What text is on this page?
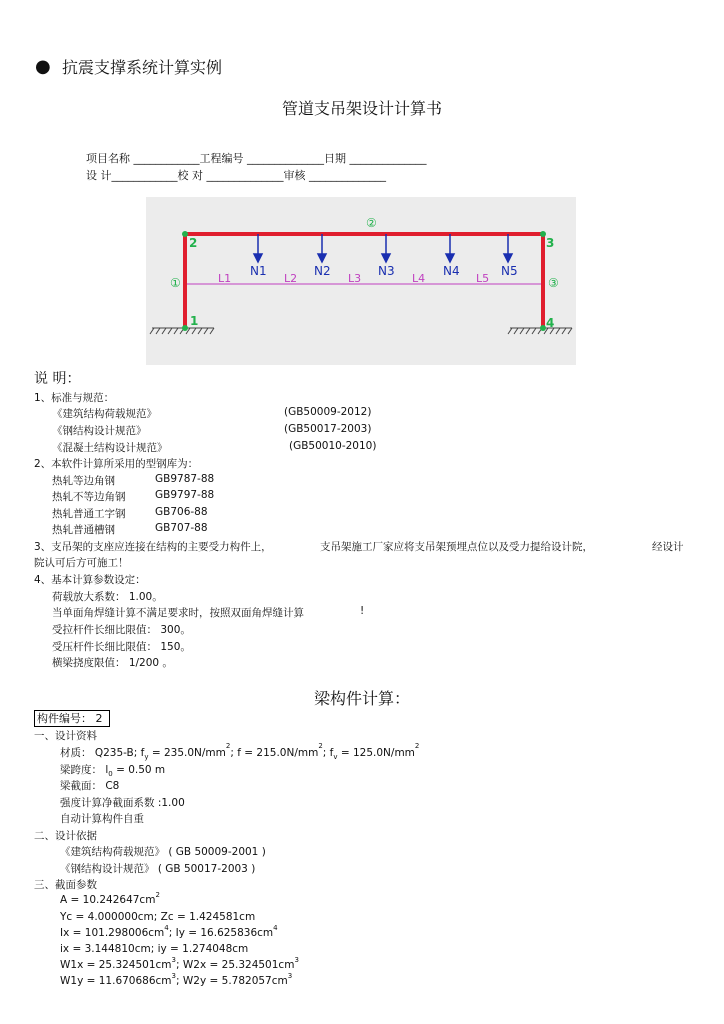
● 抗震支撑系统计算实例
管道支吊架设计计算书
项目名称 ____________工程编号 ______________日期 ______________
设 计____________校 对 ______________审核 ______________
1
2	3
4
①
②
③
N1	N2	N3	N4	N5
L1	L2	L3	L4	L5
说 明：
1、标准与规范：
《建筑结构荷载规范》	(GB50009-2012)
《钢结构设计规范》	(GB50017-2003)
《混凝土结构设计规范》	(GB50010-2010)
2、本软件计算所采用的型钢库为：
热轧等边角钢	GB9787-88
热轧不等边角钢	GB9797-88
热轧普通工字钢	GB706-88
热轧普通槽钢	GB707-88
3、支吊架的支座应连接在结构的主要受力构件上，	支吊架施工厂家应将支吊架预埋点位以及受力提给设计院，	经设计
院认可后方可施工！
4、基本计算参数设定：
荷载放大系数： 1.00。
当单面角焊缝计算不满足要求时，按照双面角焊缝计算	!
受拉杆件长细比限值： 300。
受压杆件长细比限值： 150。
横梁挠度限值： 1/200 。
梁构件计算：
构件编号： 2
一、设计资料
材质： Q235-B; $f_y = 235.0N/mm^2$; $f = 215.0N/mm^2$; $f_v = 125.0N/mm^2$
梁跨度： $l_0 = 0.50$ m
梁截面： C8
强度计算净截面系数 :1.00
自动计算构件自重
二、设计依据
《建筑结构荷载规范》 ( GB 50009-2001 )
《钢结构设计规范》 ( GB 50017-2003 )
三、截面参数
$A = 10.242647cm^2$
Yc = 4.000000cm; Zc = 1.424581cm
$Ix = 101.298006cm^4$; $Iy = 16.625836cm^4$
ix = 3.144810cm; iy = 1.274048cm
$W1x = 25.324501cm^3$; $W2x = 25.324501cm^3$
$W1y = 11.670686cm^3$; $W2y = 5.782057cm^3$
